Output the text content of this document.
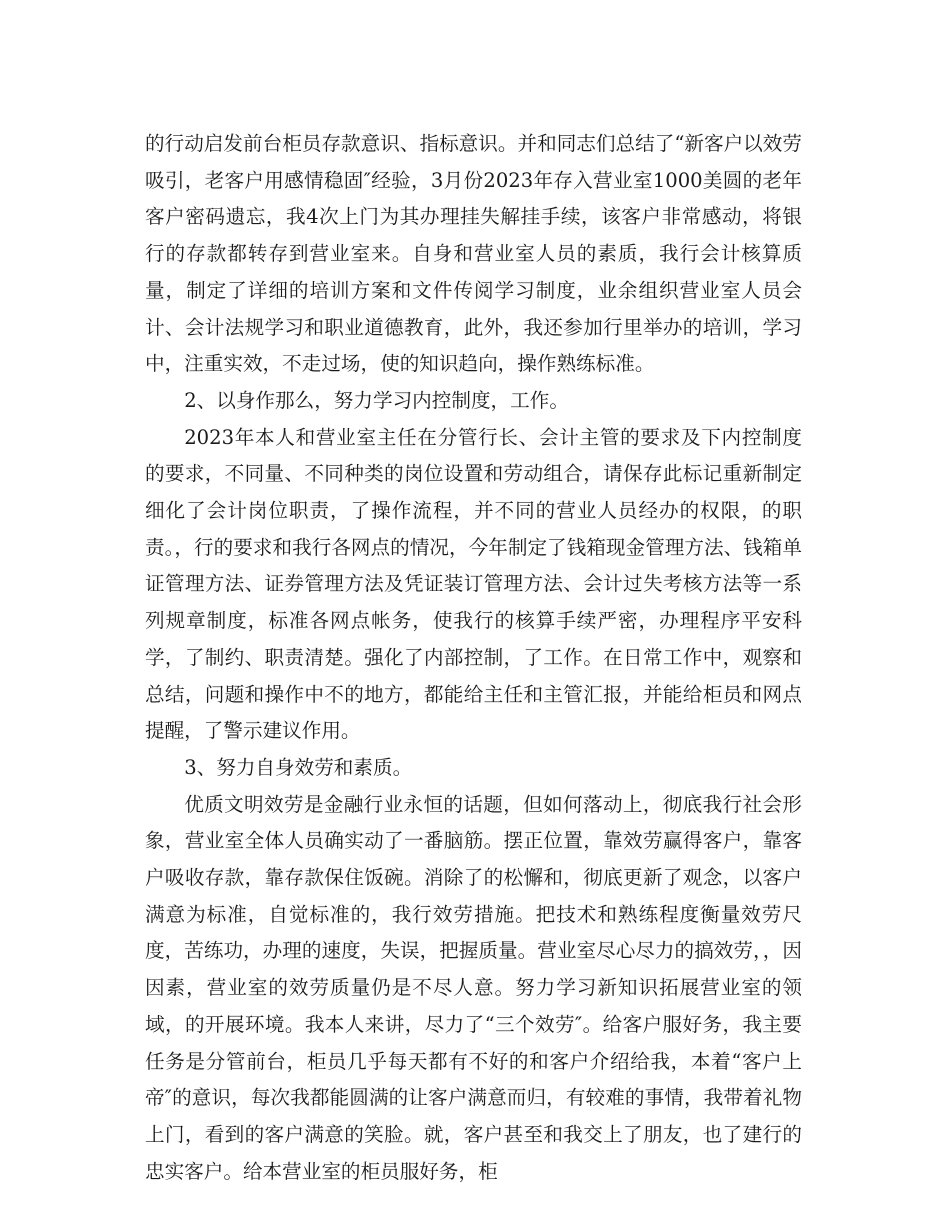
的行动启发前台柜员存款意识、指标意识。并和同志们总结了“新客户以效劳吸引，老客户用感情稳固″经验，3月份2023年存入营业室1000美圆的老年客户密码遗忘，我4次上门为其办理挂失解挂手续，该客户非常感动，将银行的存款都转存到营业室来。自身和营业室人员的素质，我行会计核算质量，制定了详细的培训方案和文件传阅学习制度，业余组织营业室人员会计、会计法规学习和职业道德教育，此外，我还参加行里举办的培训，学习中，注重实效，不走过场，使的知识趋向，操作熟练标准。

2、以身作那么，努力学习内控制度，工作。

2023年本人和营业室主任在分管行长、会计主管的要求及下内控制度的要求，不同量、不同种类的岗位设置和劳动组合，请保存此标记重新制定细化了会计岗位职责，了操作流程，并不同的营业人员经办的权限，的职责。，行的要求和我行各网点的情况，今年制定了钱箱现金管理方法、钱箱单证管理方法、证券管理方法及凭证装订管理方法、会计过失考核方法等一系列规章制度，标准各网点帐务，使我行的核算手续严密，办理程序平安科学，了制约、职责清楚。强化了内部控制，了工作。在日常工作中，观察和总结，问题和操作中不的地方，都能给主任和主管汇报，并能给柜员和网点提醒，了警示建议作用。

3、努力自身效劳和素质。

优质文明效劳是金融行业永恒的话题，但如何落动上，彻底我行社会形象，营业室全体人员确实动了一番脑筋。摆正位置，靠效劳赢得客户，靠客户吸收存款，靠存款保住饭碗。消除了的松懈和，彻底更新了观念，以客户满意为标准，自觉标准的，我行效劳措施。把技术和熟练程度衡量效劳尺度，苦练功，办理的速度，失误，把握质量。营业室尽心尽力的搞效劳，，因因素，营业室的效劳质量仍是不尽人意。努力学习新知识拓展营业室的领域，的开展环境。我本人来讲，尽力了“三个效劳″。给客户服好务，我主要任务是分管前台，柜员几乎每天都有不好的和客户介绍给我，本着“客户上帝″的意识，每次我都能圆满的让客户满意而归，有较难的事情，我带着礼物上门，看到的客户满意的笑脸。就，客户甚至和我交上了朋友，也了建行的忠实客户。给本营业室的柜员服好务，柜
